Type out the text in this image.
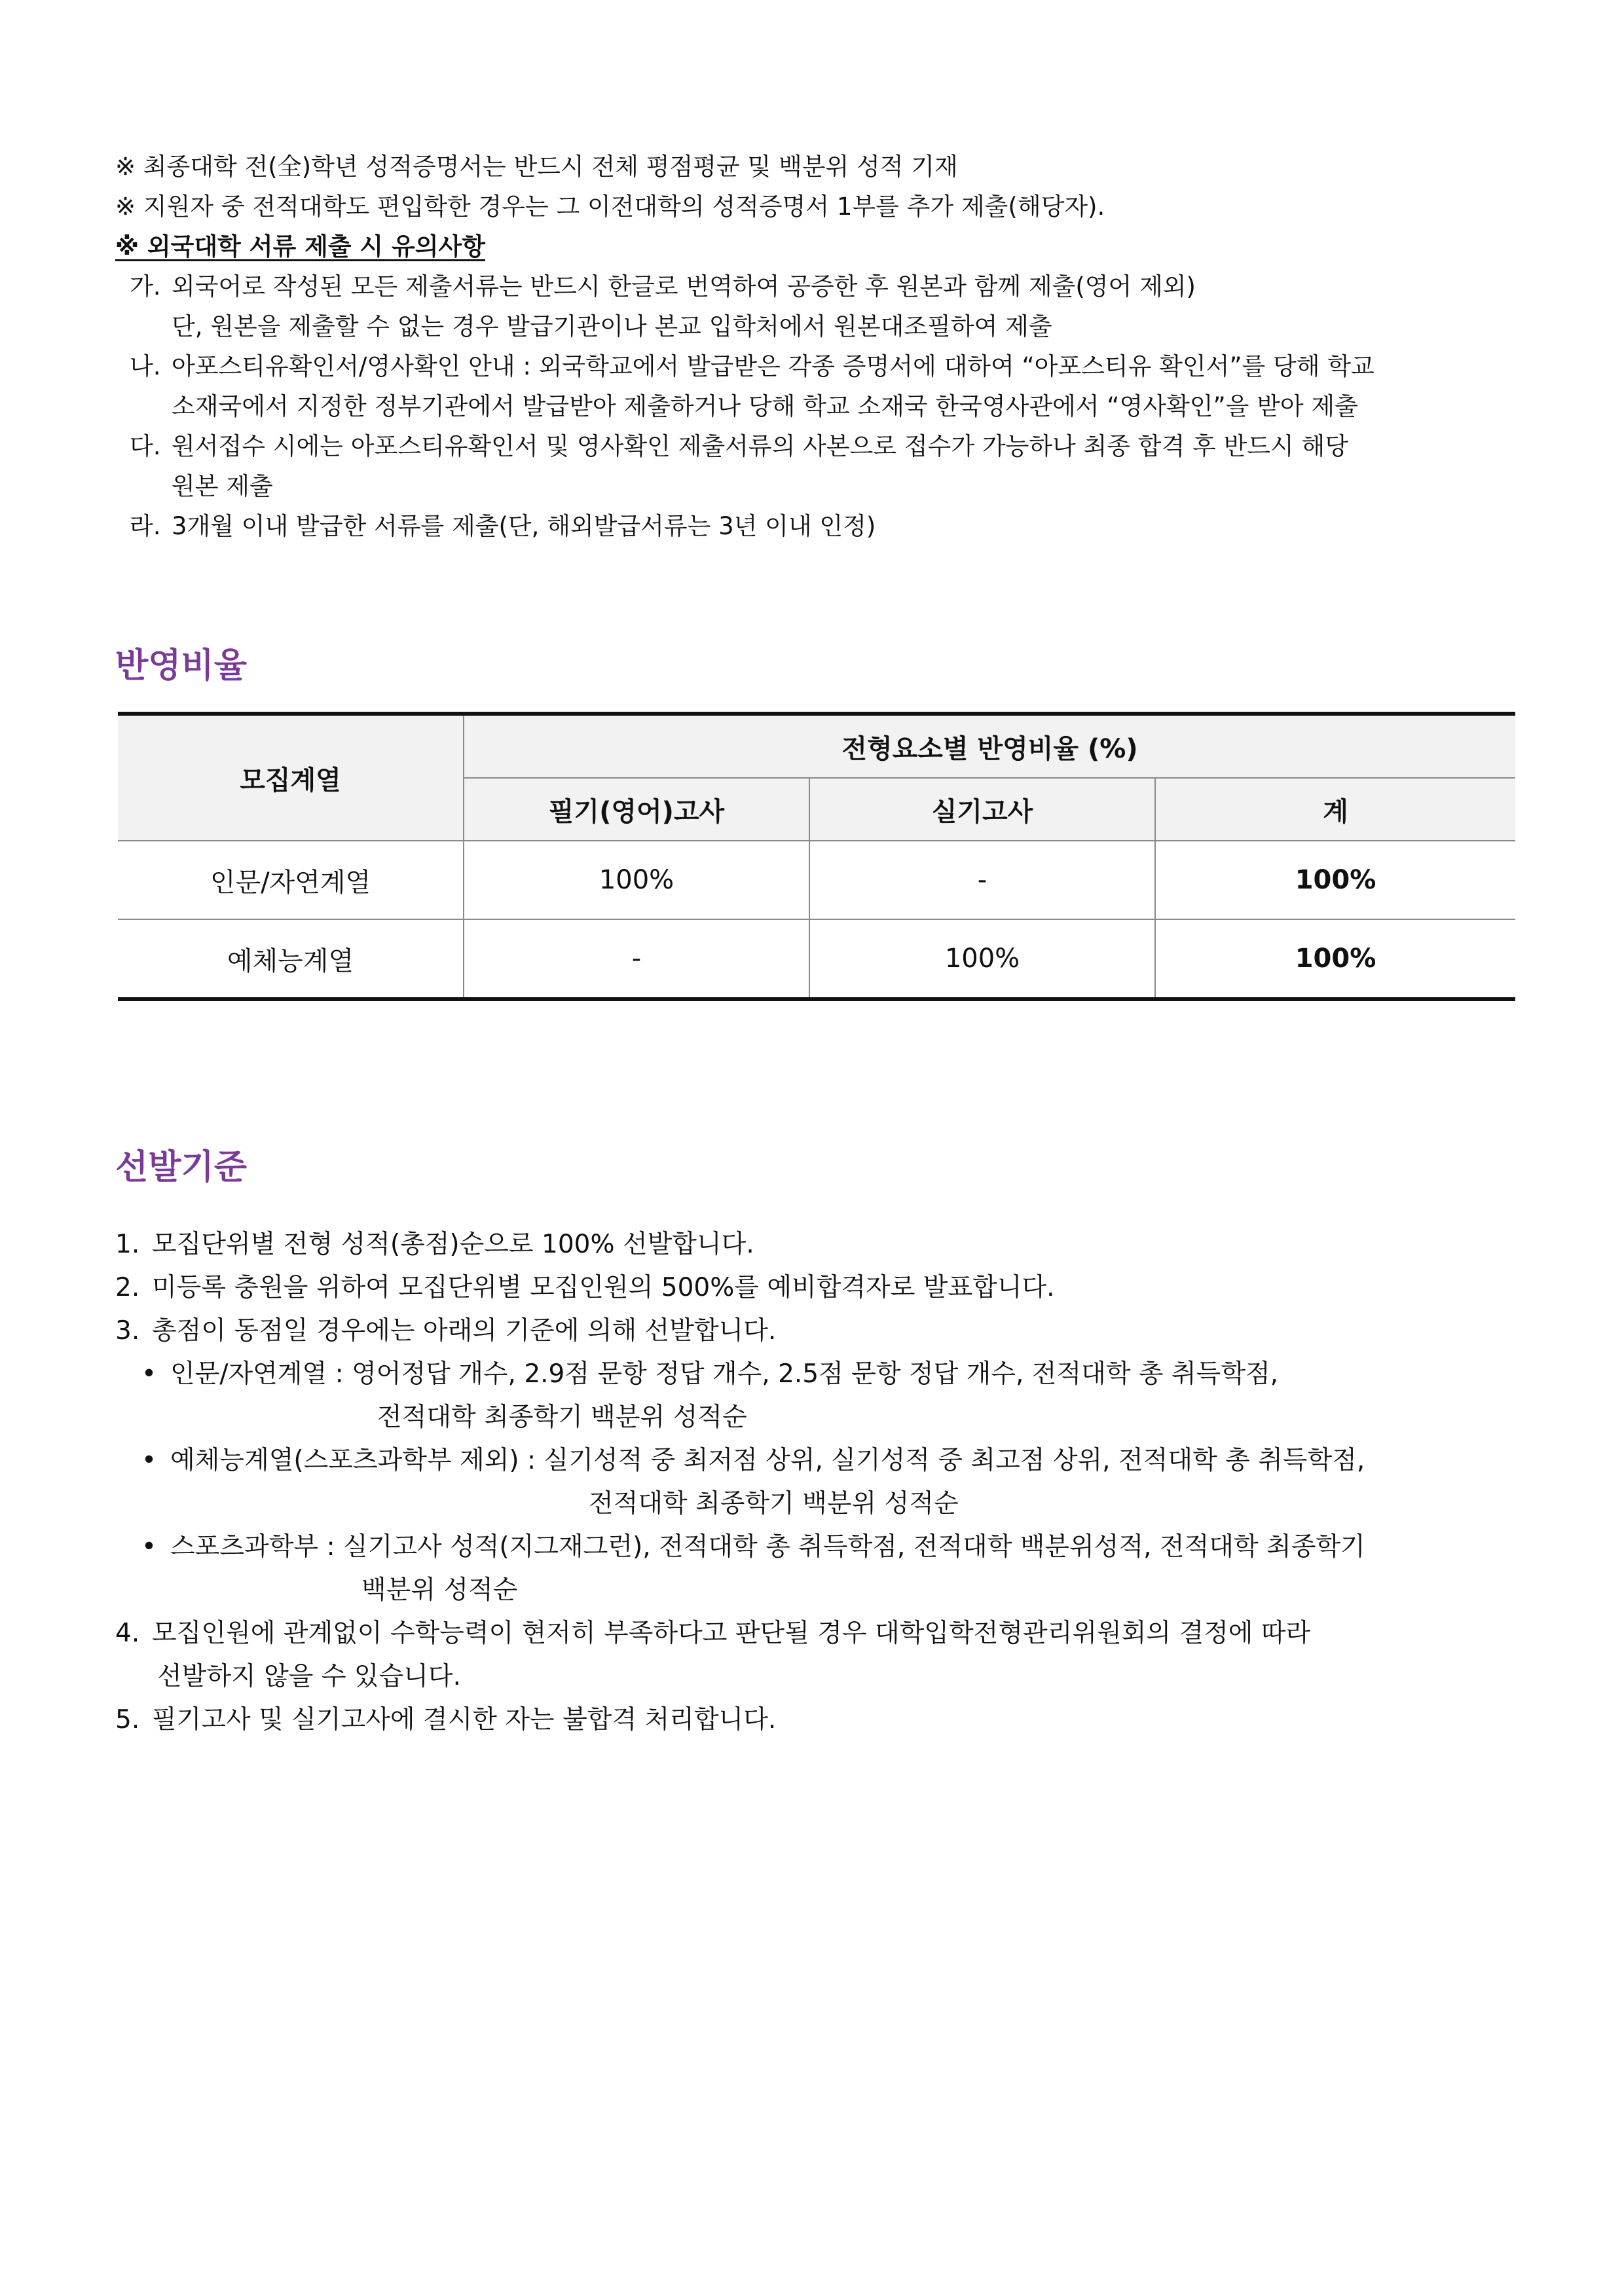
※ 최종대학 전(全)학년 성적증명서는 반드시 전체 평점평균 및 백분위 성적 기재
※ 지원자 중 전적대학도 편입학한 경우는 그 이전대학의 성적증명서 1부를 추가 제출(해당자).
※ 외국대학 서류 제출 시 유의사항
가. 외국어로 작성된 모든 제출서류는 반드시 한글로 번역하여 공증한 후 원본과 함께 제출(영어 제외)
단, 원본을 제출할 수 없는 경우 발급기관이나 본교 입학처에서 원본대조필하여 제출
나. 아포스티유확인서/영사확인 안내 : 외국학교에서 발급받은 각종 증명서에 대하여 “아포스티유 확인서”를 당해 학교
소재국에서 지정한 정부기관에서 발급받아 제출하거나 당해 학교 소재국 한국영사관에서 “영사확인”을 받아 제출
다. 원서접수 시에는 아포스티유확인서 및 영사확인 제출서류의 사본으로 접수가 가능하나 최종 합격 후 반드시 해당
원본 제출
라. 3개월 이내 발급한 서류를 제출(단, 해외발급서류는 3년 이내 인정)
반영비율
모집계열	전형요소별 반영비율 (%)		
	필기(영어)고사	실기고사	계
인문/자연계열	100%	-	100%
예체능계열	-	100%	100%
선발기준
1. 모집단위별 전형 성적(총점)순으로 100% 선발합니다.
2. 미등록 충원을 위하여 모집단위별 모집인원의 500%를 예비합격자로 발표합니다.
3. 총점이 동점일 경우에는 아래의 기준에 의해 선발합니다.
• 인문/자연계열 : 영어정답 개수, 2.9점 문항 정답 개수, 2.5점 문항 정답 개수, 전적대학 총 취득학점,
전적대학 최종학기 백분위 성적순
• 예체능계열(스포츠과학부 제외) : 실기성적 중 최저점 상위, 실기성적 중 최고점 상위, 전적대학 총 취득학점,
전적대학 최종학기 백분위 성적순
• 스포츠과학부 : 실기고사 성적(지그재그런), 전적대학 총 취득학점, 전적대학 백분위성적, 전적대학 최종학기
백분위 성적순
4. 모집인원에 관계없이 수학능력이 현저히 부족하다고 판단될 경우 대학입학전형관리위원회의 결정에 따라
선발하지 않을 수 있습니다.
5. 필기고사 및 실기고사에 결시한 자는 불합격 처리합니다.
